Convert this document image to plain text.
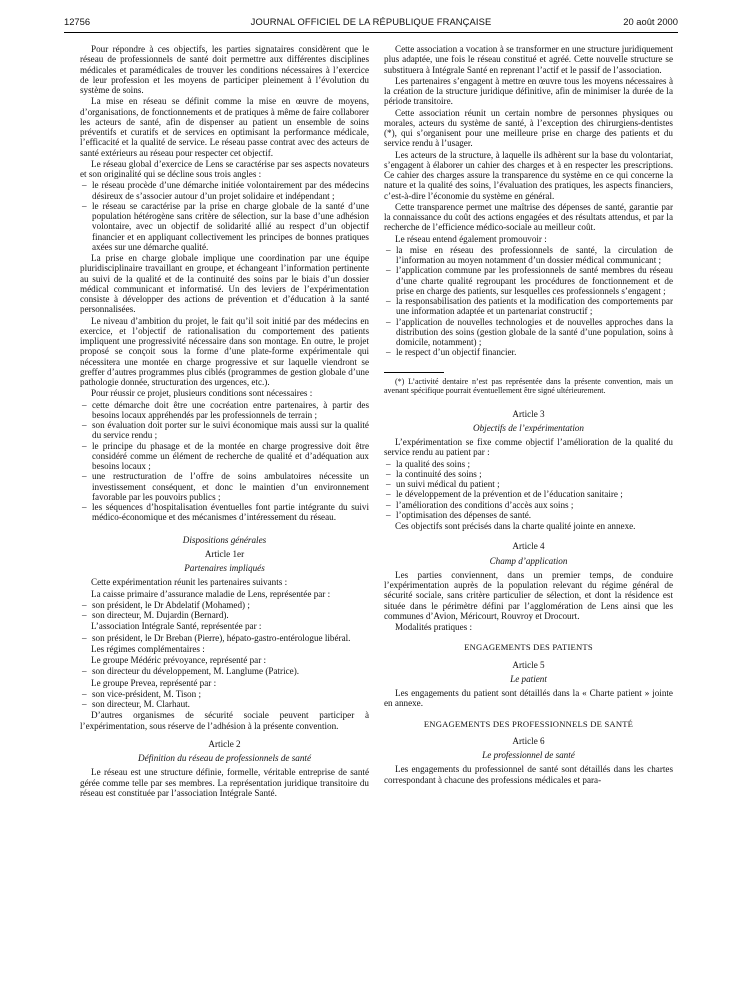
12756	JOURNAL OFFICIEL DE LA RÉPUBLIQUE FRANÇAISE	20 août 2000

Pour répondre à ces objectifs, les parties signataires considèrent que le réseau de professionnels de santé doit permettre aux différentes disciplines médicales et paramédicales de trouver les conditions nécessaires à l’exercice de leur profession et les moyens de participer pleinement à l’évolution du système de soins.

La mise en réseau se définit comme la mise en œuvre de moyens, d’organisations, de fonctionnements et de pratiques à même de faire collaborer les acteurs de santé, afin de dispenser au patient un ensemble de soins préventifs et curatifs et de services en optimisant la performance médicale, l’efficacité et la qualité de service. Le réseau passe contrat avec des acteurs de santé extérieurs au réseau pour respecter cet objectif.

Le réseau global d’exercice de Lens se caractérise par ses aspects novateurs et son originalité qui se décline sous trois angles :

– le réseau procède d’une démarche initiée volontairement par des médecins désireux de s’associer autour d’un projet solidaire et indépendant ;
– le réseau se caractérise par la prise en charge globale de la santé d’une population hétérogène sans critère de sélection, sur la base d’une adhésion volontaire, avec un objectif de solidarité allié au respect d’un objectif financier et en appliquant collectivement les principes de bonnes pratiques axées sur une démarche qualité.

La prise en charge globale implique une coordination par une équipe pluridisciplinaire travaillant en groupe, et échangeant l’information pertinente au suivi de la qualité et de la continuité des soins par le biais d’un dossier médical communicant et informatisé. Un des leviers de l’expérimentation consiste à développer des actions de prévention et d’éducation à la santé personnalisées.

Le niveau d’ambition du projet, le fait qu’il soit initié par des médecins en exercice, et l’objectif de rationalisation du comportement des patients impliquent une progressivité nécessaire dans son montage. En outre, le projet proposé se conçoit sous la forme d’une plate-forme expérimentale qui nécessitera une montée en charge progressive et sur laquelle viendront se greffer d’autres programmes plus ciblés (programmes de gestion globale d’une pathologie donnée, structuration des urgences, etc.).

Pour réussir ce projet, plusieurs conditions sont nécessaires :

– cette démarche doit être une cocréation entre partenaires, à partir des besoins locaux appréhendés par les professionnels de terrain ;
– son évaluation doit porter sur le suivi économique mais aussi sur la qualité du service rendu ;
– le principe du phasage et de la montée en charge progressive doit être considéré comme un élément de recherche de qualité et d’adéquation aux besoins locaux ;
– une restructuration de l’offre de soins ambulatoires nécessite un investissement conséquent, et donc le maintien d’un environnement favorable par les pouvoirs publics ;
– les séquences d’hospitalisation éventuelles font partie intégrante du suivi médico-économique et des mécanismes d’intéressement du réseau.
Dispositions générales
Article 1er
Partenaires impliqués

Cette expérimentation réunit les partenaires suivants :

La caisse primaire d’assurance maladie de Lens, représentée par :

– son président, le Dr Abdelatif (Mohamed) ;
– son directeur, M. Dujardin (Bernard).

L’association Intégrale Santé, représentée par :

– son président, le Dr Breban (Pierre), hépato-gastro-entérologue libéral.

Les régimes complémentaires :

Le groupe Médéric prévoyance, représenté par :

– son directeur du développement, M. Langlume (Patrice).

Le groupe Prevea, représenté par :

– son vice-président, M. Tison ;
– son directeur, M. Clarhaut.

D’autres organismes de sécurité sociale peuvent participer à l’expérimentation, sous réserve de l’adhésion à la présente convention.

Article 2
Définition du réseau de professionnels de santé

Le réseau est une structure définie, formelle, véritable entreprise de santé gérée comme telle par ses membres. La représentation juridique transitoire du réseau est constituée par l’association Intégrale Santé.

Cette association a vocation à se transformer en une structure juridiquement plus adaptée, une fois le réseau constitué et agréé. Cette nouvelle structure se substituera à Intégrale Santé en reprenant l’actif et le passif de l’association.

Les partenaires s’engagent à mettre en œuvre tous les moyens nécessaires à la création de la structure juridique définitive, afin de minimiser la durée de la période transitoire.

Cette association réunit un certain nombre de personnes physiques ou morales, acteurs du système de santé, à l’exception des chirurgiens-dentistes (*), qui s’organisent pour une meilleure prise en charge des patients et du service rendu à l’usager.

Les acteurs de la structure, à laquelle ils adhèrent sur la base du volontariat, s’engagent à élaborer un cahier des charges et à en respecter les prescriptions. Ce cahier des charges assure la transparence du système en ce qui concerne la nature et la qualité des soins, l’évaluation des pratiques, les aspects financiers, c’est-à-dire l’économie du système en général.

Cette transparence permet une maîtrise des dépenses de santé, garantie par la connaissance du coût des actions engagées et des résultats attendus, et par la recherche de l’efficience médico-sociale au meilleur coût.

Le réseau entend également promouvoir :

– la mise en réseau des professionnels de santé, la circulation de l’information au moyen notamment d’un dossier médical communicant ;
– l’application commune par les professionnels de santé membres du réseau d’une charte qualité regroupant les procédures de fonctionnement et de prise en charge des patients, sur lesquelles ces professionnels s’engagent ;
– la responsabilisation des patients et la modification des comportements par une information adaptée et un partenariat constructif ;
– l’application de nouvelles technologies et de nouvelles approches dans la distribution des soins (gestion globale de la santé d’une population, soins à domicile, notamment) ;
– le respect d’un objectif financier.

(*) L’activité dentaire n’est pas représentée dans la présente convention, mais un avenant spécifique pourrait éventuellement être signé ultérieurement.

Article 3
Objectifs de l’expérimentation

L’expérimentation se fixe comme objectif l’amélioration de la qualité du service rendu au patient par :

– la qualité des soins ;
– la continuité des soins ;
– un suivi médical du patient ;
– le développement de la prévention et de l’éducation sanitaire ;
– l’amélioration des conditions d’accès aux soins ;
– l’optimisation des dépenses de santé.

Ces objectifs sont précisés dans la charte qualité jointe en annexe.

Article 4
Champ d’application

Les parties conviennent, dans un premier temps, de conduire l’expérimentation auprès de la population relevant du régime général de sécurité sociale, sans critère particulier de sélection, et dont la résidence est située dans le périmètre défini par l’agglomération de Lens ainsi que les communes d’Avion, Méricourt, Rouvroy et Drocourt.

Modalités pratiques :

ENGAGEMENTS DES PATIENTS
Article 5
Le patient

Les engagements du patient sont détaillés dans la « Charte patient » jointe en annexe.

ENGAGEMENTS DES PROFESSIONNELS DE SANTÉ
Article 6
Le professionnel de santé

Les engagements du professionnel de santé sont détaillés dans les chartes correspondant à chacune des professions médicales et para-
